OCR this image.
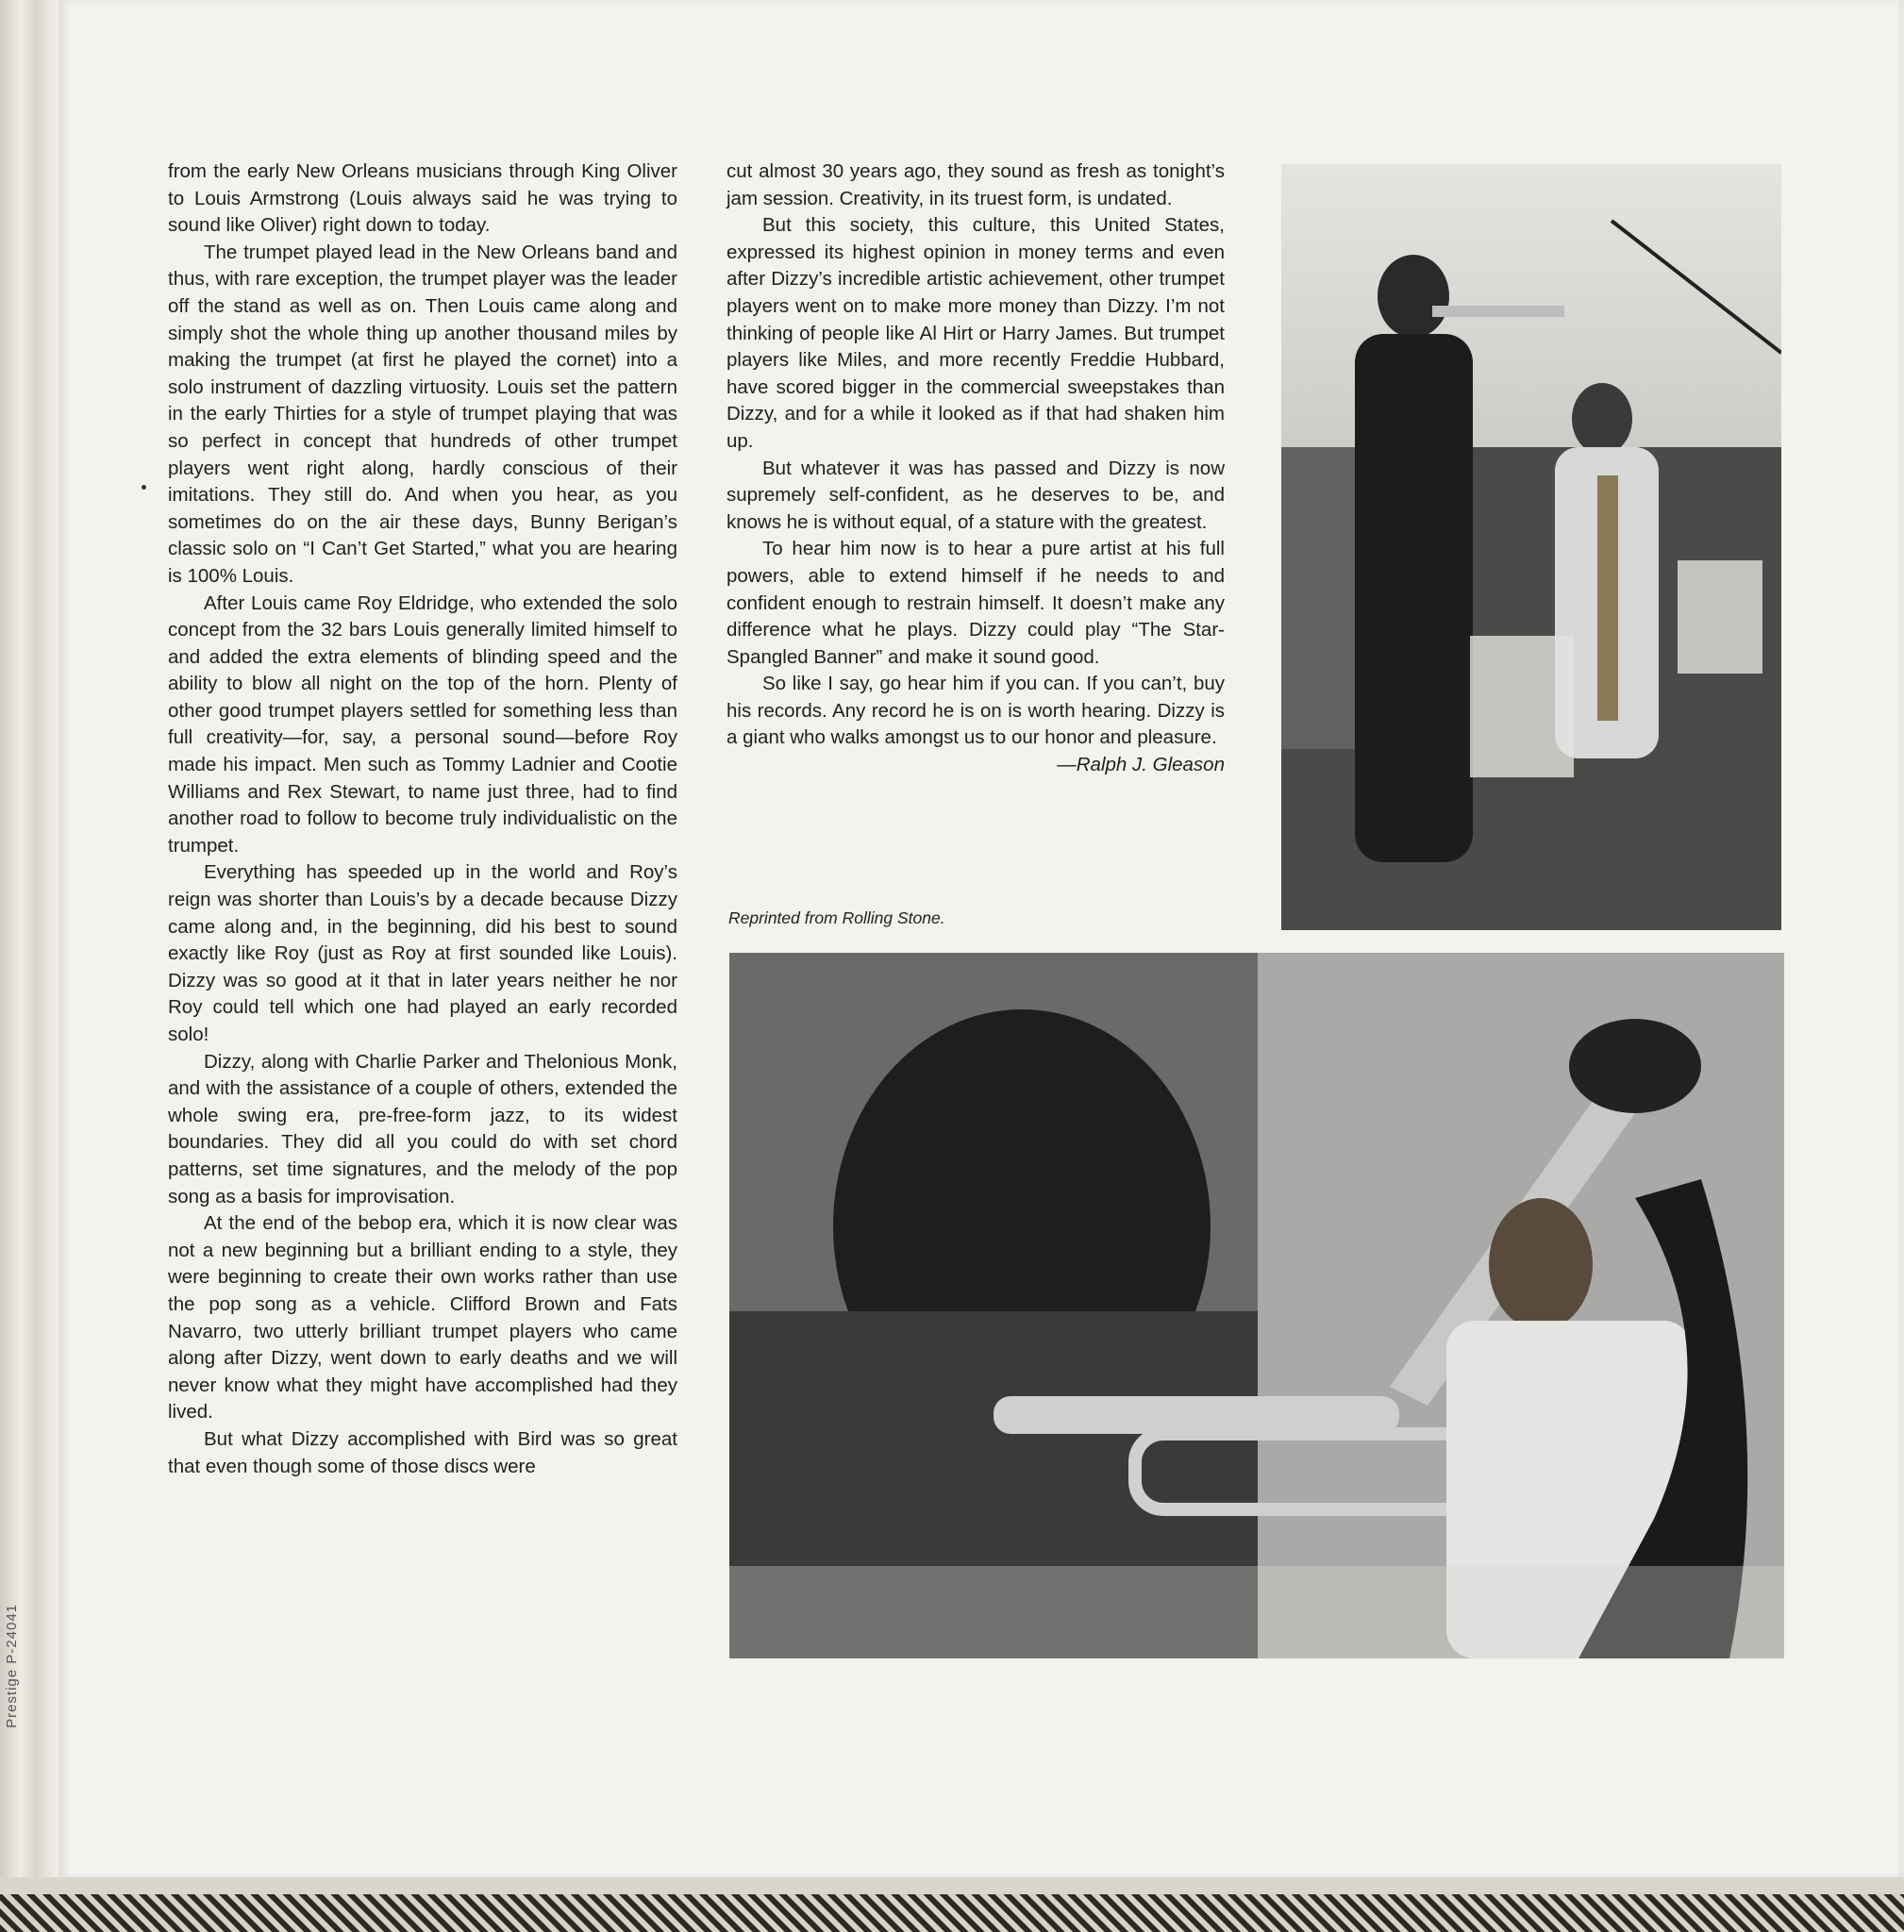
Prestige P-24041

from the early New Orleans musicians through King Oliver to Louis Armstrong (Louis always said he was trying to sound like Oliver) right down to today.

The trumpet played lead in the New Orleans band and thus, with rare exception, the trumpet player was the leader off the stand as well as on. Then Louis came along and simply shot the whole thing up another thousand miles by making the trumpet (at first he played the cornet) into a solo instrument of dazzling virtuosity. Louis set the pattern in the early Thirties for a style of trumpet playing that was so perfect in concept that hundreds of other trumpet players went right along, hardly conscious of their imitations. They still do. And when you hear, as you sometimes do on the air these days, Bunny Berigan’s classic solo on “I Can’t Get Started,” what you are hearing is 100% Louis.

After Louis came Roy Eldridge, who extended the solo concept from the 32 bars Louis generally limited himself to and added the extra elements of blinding speed and the ability to blow all night on the top of the horn. Plenty of other good trumpet players settled for something less than full creativity—for, say, a personal sound—before Roy made his impact. Men such as Tommy Ladnier and Cootie Williams and Rex Stewart, to name just three, had to find another road to follow to become truly individualistic on the trumpet.

Everything has speeded up in the world and Roy’s reign was shorter than Louis’s by a decade because Dizzy came along and, in the beginning, did his best to sound exactly like Roy (just as Roy at first sounded like Louis). Dizzy was so good at it that in later years neither he nor Roy could tell which one had played an early recorded solo!

Dizzy, along with Charlie Parker and Thelonious Monk, and with the assistance of a couple of others, extended the whole swing era, pre-free-form jazz, to its widest boundaries. They did all you could do with set chord patterns, set time signatures, and the melody of the pop song as a basis for improvisation.

At the end of the bebop era, which it is now clear was not a new beginning but a brilliant ending to a style, they were beginning to create their own works rather than use the pop song as a vehicle. Clifford Brown and Fats Navarro, two utterly brilliant trumpet players who came along after Dizzy, went down to early deaths and we will never know what they might have accomplished had they lived.

But what Dizzy accomplished with Bird was so great that even though some of those discs were

cut almost 30 years ago, they sound as fresh as tonight’s jam session. Creativity, in its truest form, is undated.

But this society, this culture, this United States, expressed its highest opinion in money terms and even after Dizzy’s incredible artistic achievement, other trumpet players went on to make more money than Dizzy. I’m not thinking of people like Al Hirt or Harry James. But trumpet players like Miles, and more recently Freddie Hubbard, have scored bigger in the commercial sweepstakes than Dizzy, and for a while it looked as if that had shaken him up.

But whatever it was has passed and Dizzy is now supremely self-confident, as he deserves to be, and knows he is without equal, of a stature with the greatest.

To hear him now is to hear a pure artist at his full powers, able to extend himself if he needs to and confident enough to restrain himself. It doesn’t make any difference what he plays. Dizzy could play “The Star-Spangled Banner” and make it sound good.

So like I say, go hear him if you can. If you can’t, buy his records. Any record he is on is worth hearing. Dizzy is a giant who walks amongst us to our honor and pleasure.

—Ralph J. Gleason

Reprinted from Rolling Stone.
